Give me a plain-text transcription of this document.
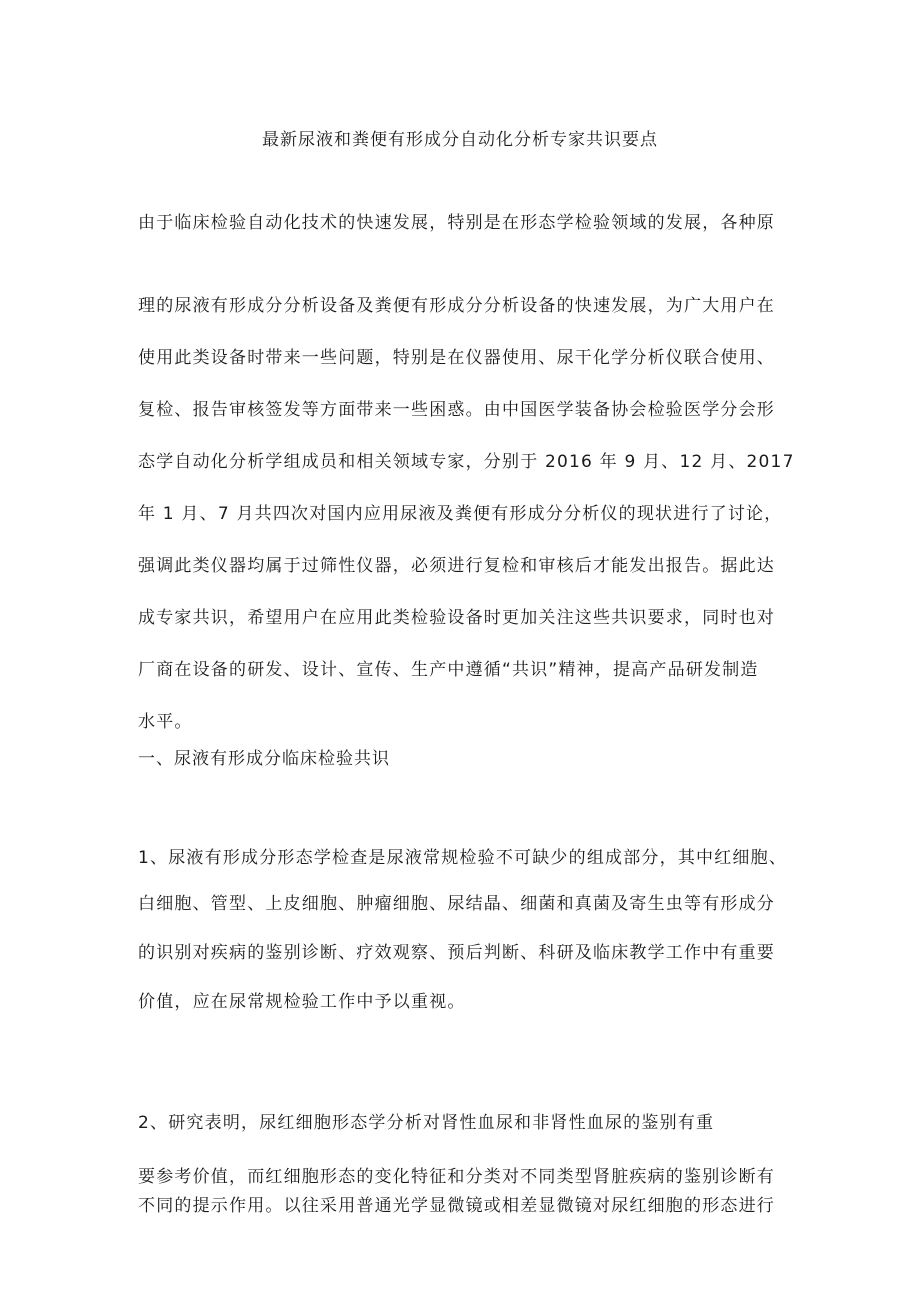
最新尿液和粪便有形成分自动化分析专家共识要点
由于临床检验自动化技术的快速发展，特别是在形态学检验领域的发展，各种原
理的尿液有形成分分析设备及粪便有形成分分析设备的快速发展，为广大用户在
使用此类设备时带来一些问题，特别是在仪器使用、尿干化学分析仪联合使用、
复检、报告审核签发等方面带来一些困惑。由中国医学装备协会检验医学分会形
态学自动化分析学组成员和相关领域专家，分别于 2016 年 9 月、12 月、2017
年 1 月、7 月共四次对国内应用尿液及粪便有形成分分析仪的现状进行了讨论，
强调此类仪器均属于过筛性仪器，必须进行复检和审核后才能发出报告。据此达
成专家共识，希望用户在应用此类检验设备时更加关注这些共识要求，同时也对
厂商在设备的研发、设计、宣传、生产中遵循“共识”精神，提高产品研发制造
水平。
一、尿液有形成分临床检验共识
1、尿液有形成分形态学检查是尿液常规检验不可缺少的组成部分，其中红细胞、
白细胞、管型、上皮细胞、肿瘤细胞、尿结晶、细菌和真菌及寄生虫等有形成分
的识别对疾病的鉴别诊断、疗效观察、预后判断、科研及临床教学工作中有重要
价值，应在尿常规检验工作中予以重视。
2、研究表明，尿红细胞形态学分析对肾性血尿和非肾性血尿的鉴别有重
要参考价值，而红细胞形态的变化特征和分类对不同类型肾脏疾病的鉴别诊断有
不同的提示作用。以往采用普通光学显微镜或相差显微镜对尿红细胞的形态进行
